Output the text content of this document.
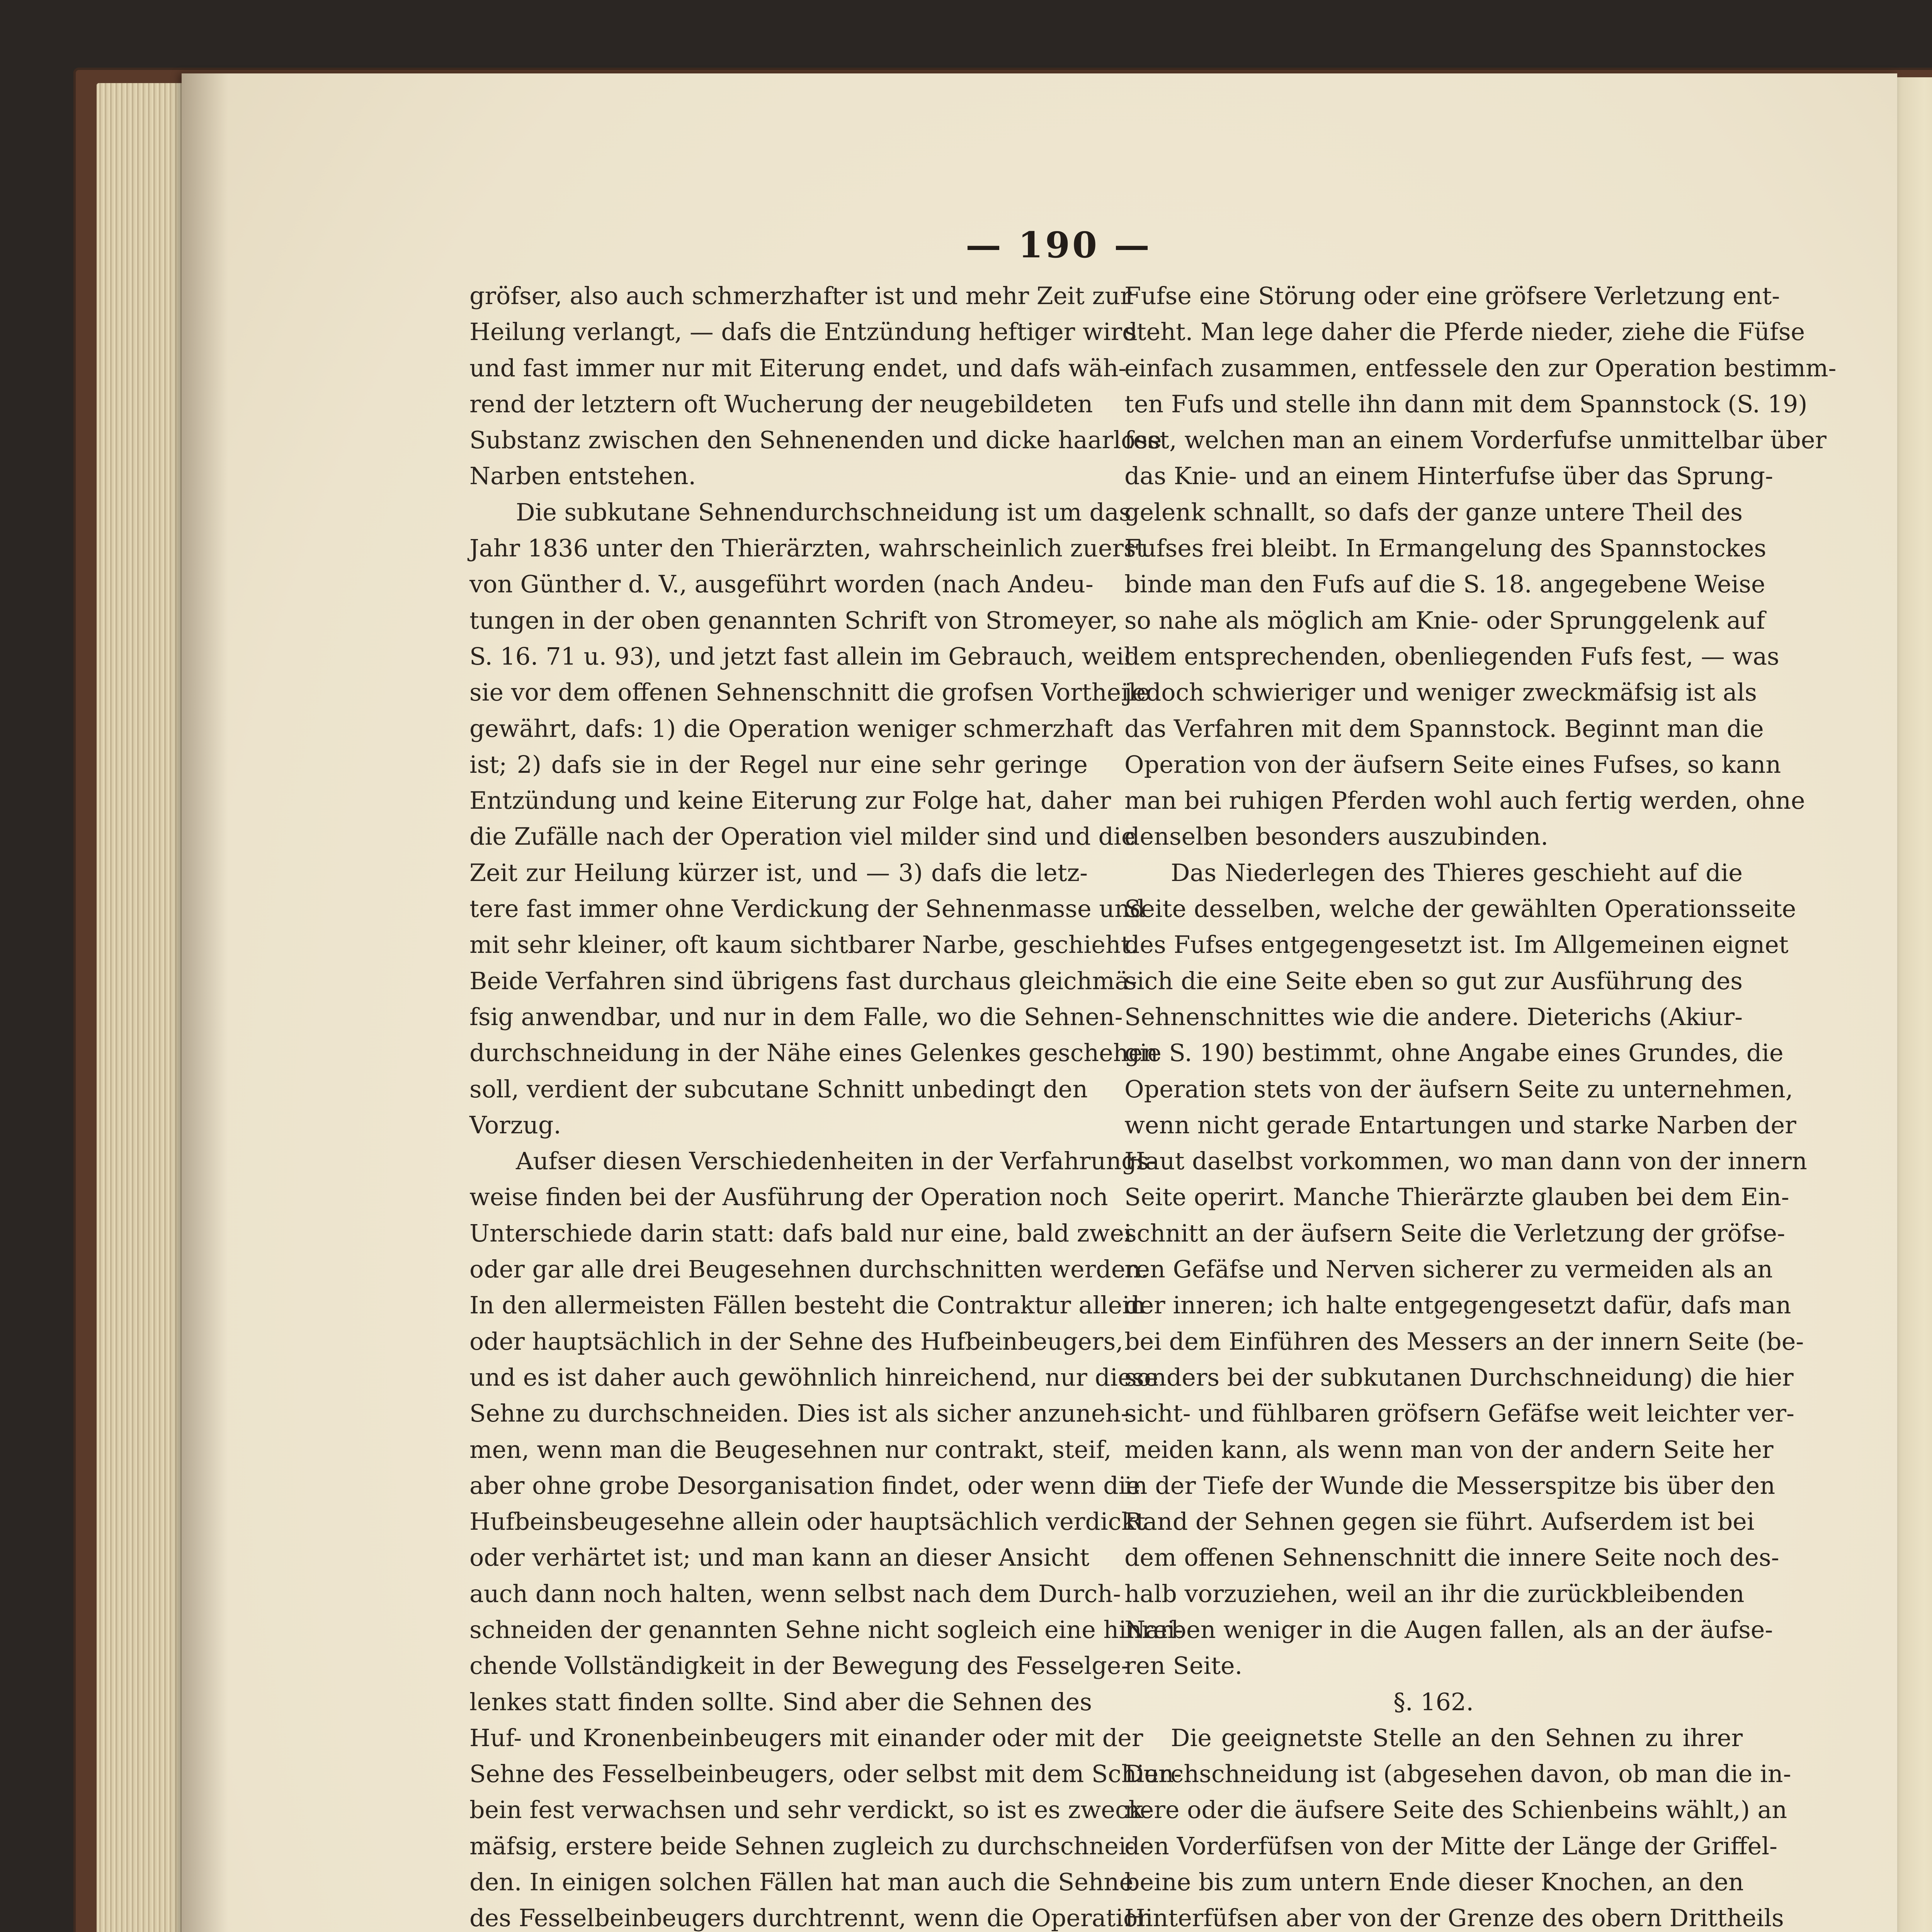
— 190 —
gröfser, also auch schmerzhafter ist und mehr Zeit zur
Heilung verlangt, — dafs die Entzündung heftiger wird
und fast immer nur mit Eiterung endet, und dafs wäh-
rend der letztern oft Wucherung der neugebildeten
Substanz zwischen den Sehnenenden und dicke haarlose
Narben entstehen.
Die subkutane Sehnendurchschneidung ist um das
Jahr 1836 unter den Thierärzten, wahrscheinlich zuerst
von Günther d. V., ausgeführt worden (nach Andeu-
tungen in der oben genannten Schrift von Stromeyer,
S. 16. 71 u. 93), und jetzt fast allein im Gebrauch, weil
sie vor dem offenen Sehnenschnitt die grofsen Vortheile
gewährt, dafs: 1) die Operation weniger schmerzhaft
ist; 2) dafs sie in der Regel nur eine sehr geringe
Entzündung und keine Eiterung zur Folge hat, daher
die Zufälle nach der Operation viel milder sind und die
Zeit zur Heilung kürzer ist, und — 3) dafs die letz-
tere fast immer ohne Verdickung der Sehnenmasse und
mit sehr kleiner, oft kaum sichtbarer Narbe, geschieht.
Beide Verfahren sind übrigens fast durchaus gleichmä-
fsig anwendbar, und nur in dem Falle, wo die Sehnen-
durchschneidung in der Nähe eines Gelenkes geschehen
soll, verdient der subcutane Schnitt unbedingt den
Vorzug.
Aufser diesen Verschiedenheiten in der Verfahrungs-
weise finden bei der Ausführung der Operation noch
Unterschiede darin statt: dafs bald nur eine, bald zwei
oder gar alle drei Beugesehnen durchschnitten werden.
In den allermeisten Fällen besteht die Contraktur allein
oder hauptsächlich in der Sehne des Hufbeinbeugers,
und es ist daher auch gewöhnlich hinreichend, nur diese
Sehne zu durchschneiden. Dies ist als sicher anzuneh-
men, wenn man die Beugesehnen nur contrakt, steif,
aber ohne grobe Desorganisation findet, oder wenn die
Hufbeinsbeugesehne allein oder hauptsächlich verdickt
oder verhärtet ist; und man kann an dieser Ansicht
auch dann noch halten, wenn selbst nach dem Durch-
schneiden der genannten Sehne nicht sogleich eine hinrei-
chende Vollständigkeit in der Bewegung des Fesselge-
lenkes statt finden sollte. Sind aber die Sehnen des
Huf- und Kronenbeinbeugers mit einander oder mit der
Sehne des Fesselbeinbeugers, oder selbst mit dem Schien-
bein fest verwachsen und sehr verdickt, so ist es zweck-
mäfsig, erstere beide Sehnen zugleich zu durchschnei-
den. In einigen solchen Fällen hat man auch die Sehne
des Fesselbeinbeugers durchtrennt, wenn die Operation
Fufse eine Störung oder eine gröfsere Verletzung ent-
steht. Man lege daher die Pferde nieder, ziehe die Füfse
einfach zusammen, entfessele den zur Operation bestimm-
ten Fufs und stelle ihn dann mit dem Spannstock (S. 19)
fest, welchen man an einem Vorderfufse unmittelbar über
das Knie- und an einem Hinterfufse über das Sprung-
gelenk schnallt, so dafs der ganze untere Theil des
Fufses frei bleibt. In Ermangelung des Spannstockes
binde man den Fufs auf die S. 18. angegebene Weise
so nahe als möglich am Knie- oder Sprunggelenk auf
dem entsprechenden, obenliegenden Fufs fest, — was
jedoch schwieriger und weniger zweckmäfsig ist als
das Verfahren mit dem Spannstock. Beginnt man die
Operation von der äufsern Seite eines Fufses, so kann
man bei ruhigen Pferden wohl auch fertig werden, ohne
denselben besonders auszubinden.
Das Niederlegen des Thieres geschieht auf die
Seite desselben, welche der gewählten Operationsseite
des Fufses entgegengesetzt ist. Im Allgemeinen eignet
sich die eine Seite eben so gut zur Ausführung des
Sehnenschnittes wie die andere. Dieterichs (Akiur-
gie S. 190) bestimmt, ohne Angabe eines Grundes, die
Operation stets von der äufsern Seite zu unternehmen,
wenn nicht gerade Entartungen und starke Narben der
Haut daselbst vorkommen, wo man dann von der innern
Seite operirt. Manche Thierärzte glauben bei dem Ein-
schnitt an der äufsern Seite die Verletzung der gröfse-
ren Gefäfse und Nerven sicherer zu vermeiden als an
der inneren; ich halte entgegengesetzt dafür, dafs man
bei dem Einführen des Messers an der innern Seite (be-
sonders bei der subkutanen Durchschneidung) die hier
sicht- und fühlbaren gröfsern Gefäfse weit leichter ver-
meiden kann, als wenn man von der andern Seite her
in der Tiefe der Wunde die Messerspitze bis über den
Rand der Sehnen gegen sie führt. Aufserdem ist bei
dem offenen Sehnenschnitt die innere Seite noch des-
halb vorzuziehen, weil an ihr die zurückbleibenden
Narben weniger in die Augen fallen, als an der äufse-
ren Seite.
§. 162.
Die geeignetste Stelle an den Sehnen zu ihrer
Durchschneidung ist (abgesehen davon, ob man die in-
nere oder die äufsere Seite des Schienbeins wählt,) an
den Vorderfüfsen von der Mitte der Länge der Griffel-
beine bis zum untern Ende dieser Knochen, an den
Hinterfüfsen aber von der Grenze des obern Drittheils
